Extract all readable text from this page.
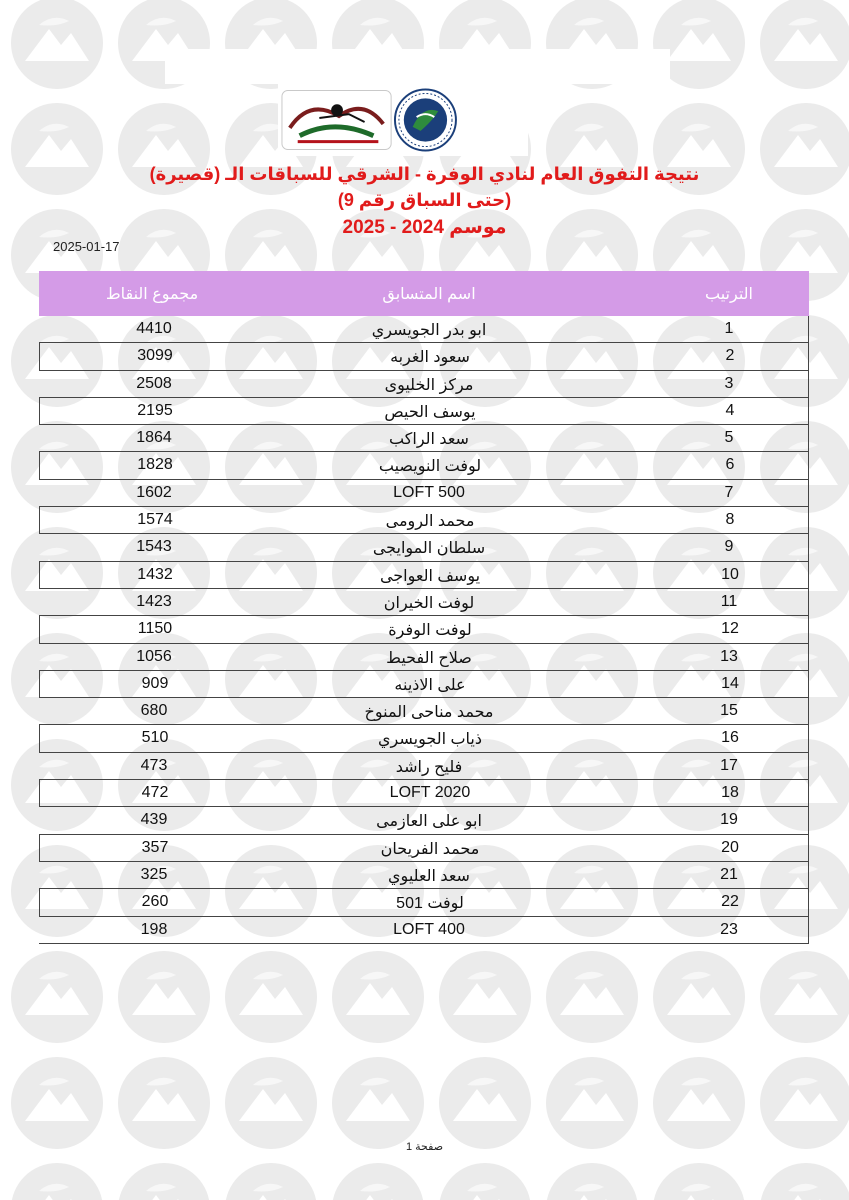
نتيجة التفوق العام لنادي الوفرة - الشرقي للسباقات الـ (قصيرة)
(حتى السباق رقم 9)
موسم 2024 - 2025
2025-01-17
مجموع النقاط	اسم المتسابق	الترتيب
4410	ابو بدر الجويسري	1
3099	سعود الغربه	2
2508	مركز الخليوى	3
2195	يوسف الحيص	4
1864	سعد الراكب	5
1828	لوفت النويصيب	6
1602	LOFT 500	7
1574	محمد الرومى	8
1543	سلطان الموايجى	9
1432	يوسف العواجى	10
1423	لوفت الخيران	11
1150	لوفت الوفرة	12
1056	صلاح الفحيط	13
909	على الاذينه	14
680	محمد مناحى المنوخ	15
510	ذياب الجويسري	16
473	فليح راشد	17
472	LOFT 2020	18
439	ابو على العازمى	19
357	محمد الفريحان	20
325	سعد العليوي	21
260	لوفت 501	22
198	LOFT 400	23
صفحة 1
